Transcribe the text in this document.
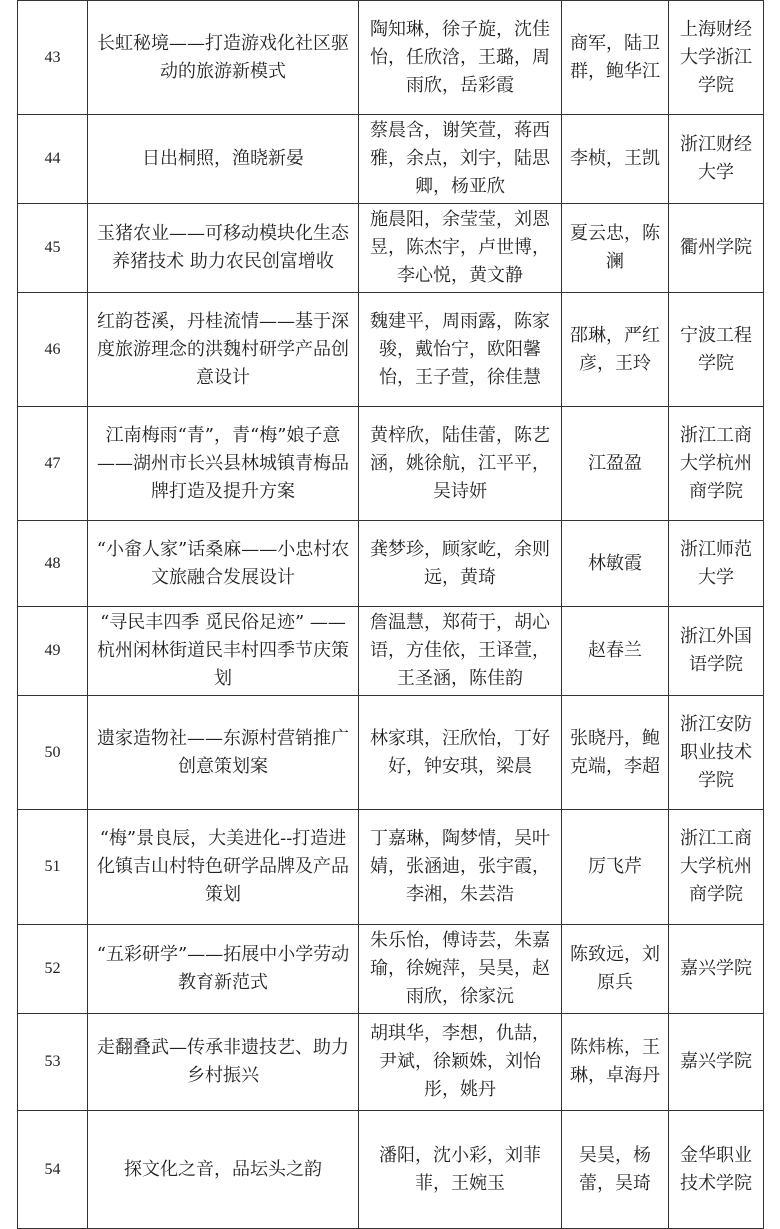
43	长虹秘境——打造游戏化社区驱动的旅游新模式	陶知琳，徐子旋，沈佳怡，任欣浛，王璐，周雨欣，岳彩霞	商军，陆卫群，鲍华江	上海财经大学浙江学院
44	日出桐照，渔晓新晏	蔡晨含，谢笑萱，蒋西雅，余点，刘宇，陆思卿，杨亚欣	李桢，王凯	浙江财经大学
45	玉猪农业——可移动模块化生态养猪技术 助力农民创富增收	施晨阳，余莹莹，刘恩昱，陈杰宇，卢世博，李心悦，黄文静	夏云忠，陈澜	衢州学院
46	红韵苍溪，丹桂流情——基于深度旅游理念的洪魏村研学产品创意设计	魏建平，周雨露，陈家骏，戴怡宁，欧阳馨怡，王子萱，徐佳慧	邵琳，严红彦，王玲	宁波工程学院
47	江南梅雨“青”，青“梅”娘子意——湖州市长兴县林城镇青梅品牌打造及提升方案	黄梓欣，陆佳蕾，陈艺涵，姚徐航，江平平，吴诗妍	江盈盈	浙江工商大学杭州商学院
48	“小畲人家”话桑麻——小忠村农文旅融合发展设计	龚梦珍，顾家屹，余则远，黄琦	林敏霞	浙江师范大学
49	“寻民丰四季 觅民俗足迹” ——杭州闲林街道民丰村四季节庆策划	詹温慧，郑荷于，胡心语，方佳依，王译萱，王圣涵，陈佳韵	赵春兰	浙江外国语学院
50	遗家造物社——东源村营销推广创意策划案	林家琪，汪欣怡，丁好好，钟安琪，梁晨	张晓丹，鲍克端，李超	浙江安防职业技术学院
51	“梅”景良辰，大美进化--打造进化镇吉山村特色研学品牌及产品策划	丁嘉琳，陶梦情，吴叶婧，张涵迪，张宇霞，李湘，朱芸浩	厉飞芹	浙江工商大学杭州商学院
52	“五彩研学”——拓展中小学劳动教育新范式	朱乐怡，傅诗芸，朱嘉瑜，徐婉萍，吴昊，赵雨欣，徐家沅	陈致远，刘原兵	嘉兴学院
53	走翻叠武—传承非遗技艺、助力乡村振兴	胡琪华，李想，仇喆，尹斌，徐颖姝，刘怡彤，姚丹	陈炜栋，王琳，卓海丹	嘉兴学院
54	探文化之音，品坛头之韵	潘阳，沈小彩，刘菲菲，王婉玉	吴昊，杨蕾，吴琦	金华职业技术学院
